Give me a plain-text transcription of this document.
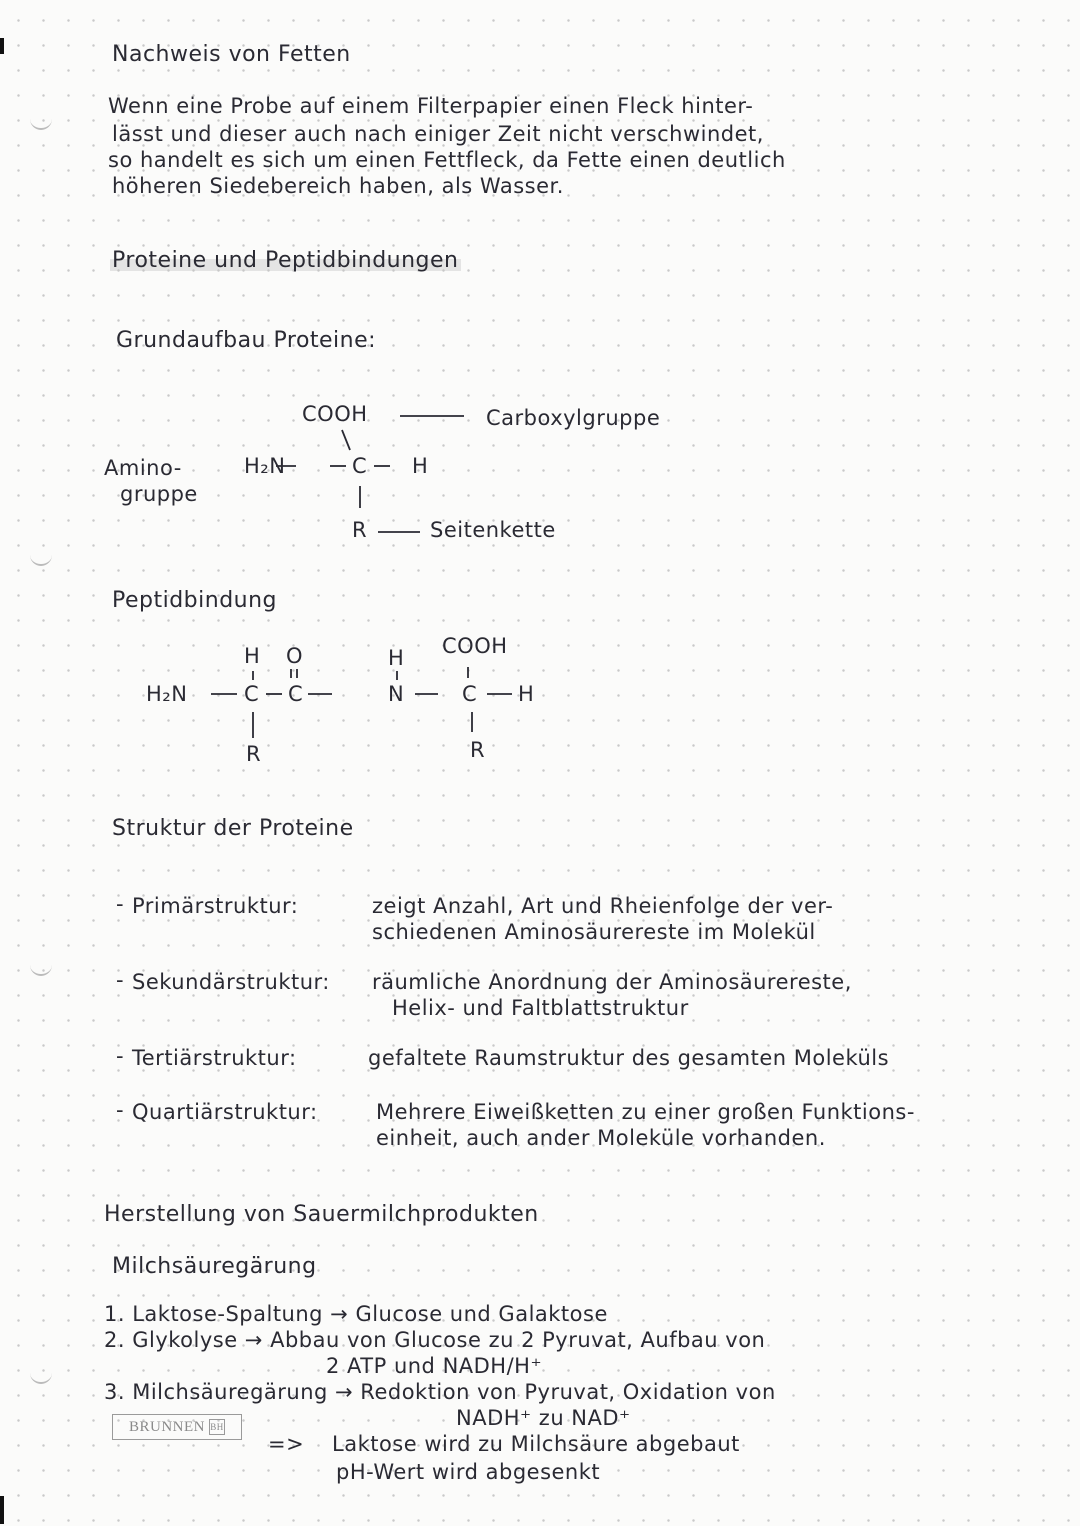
Nachweis von Fetten
Wenn eine Probe auf einem Filterpapier einen Fleck hinter-
lässt und dieser auch nach einiger Zeit nicht verschwindet,
so handelt es sich um einen Fettfleck, da Fette einen deutlich
höheren Siedebereich haben, als Wasser.
Proteine und Peptidbindungen
Grundaufbau Proteine:
COOH	Carboxylgruppe
Amino-	H₂N	C H
gruppe
R	Seitenkette
Peptidbindung
H O	H COOH
H₂N	C C	N	C H
R	R
Struktur der Proteine
- Primärstruktur:	zeigt Anzahl, Art und Rheienfolge der ver-
schiedenen Aminosäurereste im Molekül
- Sekundärstruktur: räumliche Anordnung der Aminosäurereste,
Helix- und Faltblattstruktur
- Tertiärstruktur:	gefaltete Raumstruktur des gesamten Moleküls
- Quartiärstruktur:	Mehrere Eiweißketten zu einer großen Funktions-
einheit, auch ander Moleküle vorhanden.
Herstellung von Sauermilchprodukten
Milchsäuregärung
1. Laktose-Spaltung → Glucose und Galaktose
2. Glykolyse → Abbau von Glucose zu 2 Pyruvat, Aufbau von
2 ATP und NADH/H⁺
3. Milchsäuregärung → Redoktion von Pyruvat, Oxidation von
NADH⁺ zu NAD⁺
BRUNNEN BH
=> Laktose wird zu Milchsäure abgebaut
pH-Wert wird abgesenkt
